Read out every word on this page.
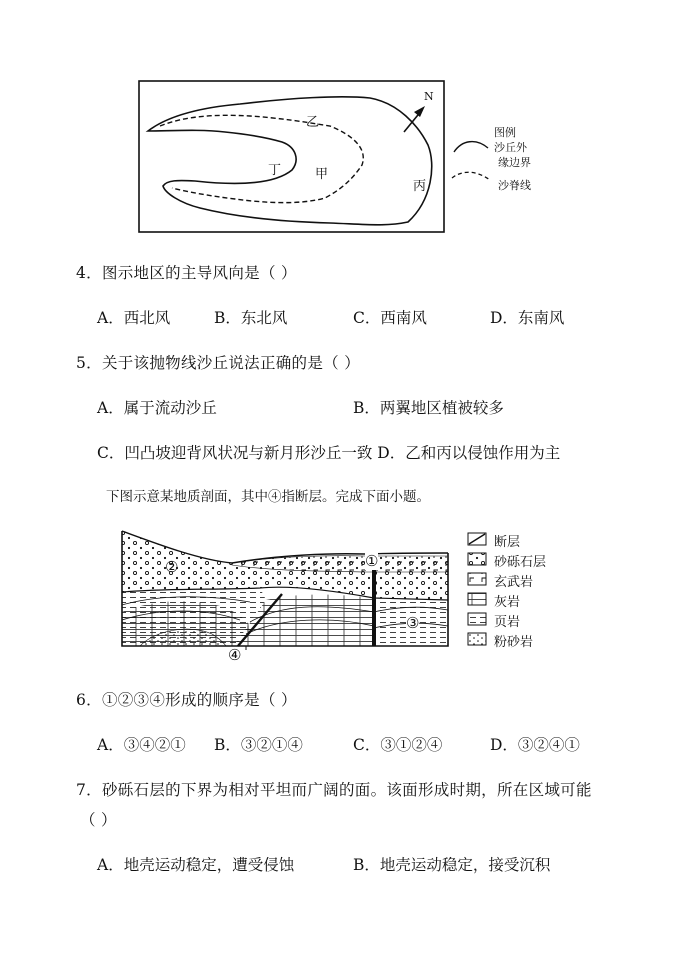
N
乙
丁	甲
丙
图例
沙丘外
缘边界
沙脊线
4．图示地区的主导风向是（ ）
A．西北风	B．东北风	C．西南风	D．东南风
5．关于该抛物线沙丘说法正确的是（ ）
A．属于流动沙丘	B．两翼地区植被较多
C．凹凸坡迎背风状况与新月形沙丘一致 D．乙和丙以侵蚀作用为主
下图示意某地质剖面，其中④指断层。完成下面小题。
②	①
③
④
断层
砂砾石层
玄武岩
灰岩
页岩
粉砂岩
6．①②③④形成的顺序是（ ）
A．③④②① B．③②①④	C．③①②④	D．③②④①
7．砂砾石层的下界为相对平坦而广阔的面。该面形成时期，所在区域可能
（ ）
A．地壳运动稳定，遭受侵蚀	B．地壳运动稳定，接受沉积
